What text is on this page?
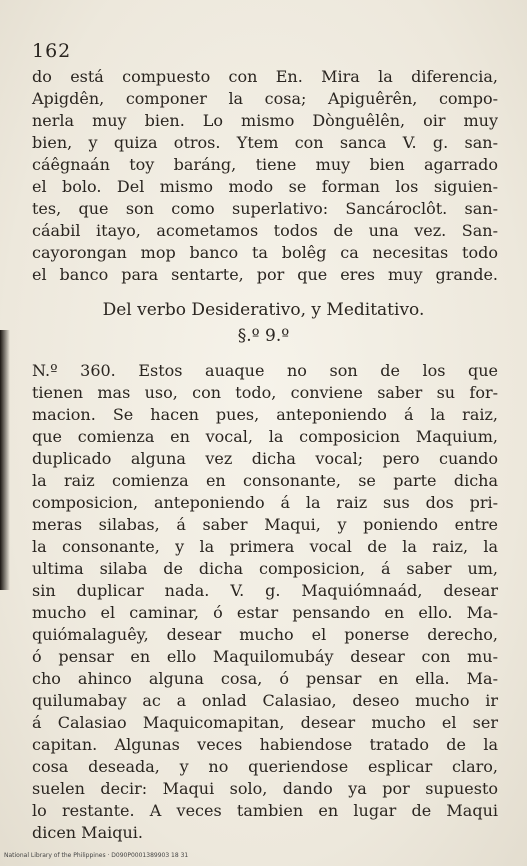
162
do está compuesto con En. Mira la diferencia,
Apigdên, componer la cosa; Apiguêrên, compo-
nerla muy bien. Lo mismo Dònguêlên, oir muy
bien, y quiza otros. Ytem con sanca V. g. san-
cáêgnaán toy baráng, tiene muy bien agarrado
el bolo. Del mismo modo se forman los siguien-
tes, que son como superlativo: Sancároclôt. san-
cáabil itayo, acometamos todos de una vez. San-
cayorongan mop banco ta bolêg ca necesitas todo
el banco para sentarte, por que eres muy grande.
Del verbo Desiderativo, y Meditativo.
§.º 9.º
N.º 360. Estos auaque no son de los que
tienen mas uso, con todo, conviene saber su for-
macion. Se hacen pues, anteponiendo á la raiz,
que comienza en vocal, la composicion Maquium,
duplicado alguna vez dicha vocal; pero cuando
la raiz comienza en consonante, se parte dicha
composicion, anteponiendo á la raiz sus dos pri-
meras silabas, á saber Maqui, y poniendo entre
la consonante, y la primera vocal de la raiz, la
ultima silaba de dicha composicion, á saber um,
sin duplicar nada. V. g. Maquiómnaád, desear
mucho el caminar, ó estar pensando en ello. Ma-
quiómalaguêy, desear mucho el ponerse derecho,
ó pensar en ello Maquilomubáy desear con mu-
cho ahinco alguna cosa, ó pensar en ella. Ma-
quilumabay ac a onlad Calasiao, deseo mucho ir
á Calasiao Maquicomapitan, desear mucho el ser
capitan. Algunas veces habiendose tratado de la
cosa deseada, y no queriendose esplicar claro,
suelen decir: Maqui solo, dando ya por supuesto
lo restante. A veces tambien en lugar de Maqui
dicen Maiqui.
National Library of the Philippines · D090P0001389903 18 31
